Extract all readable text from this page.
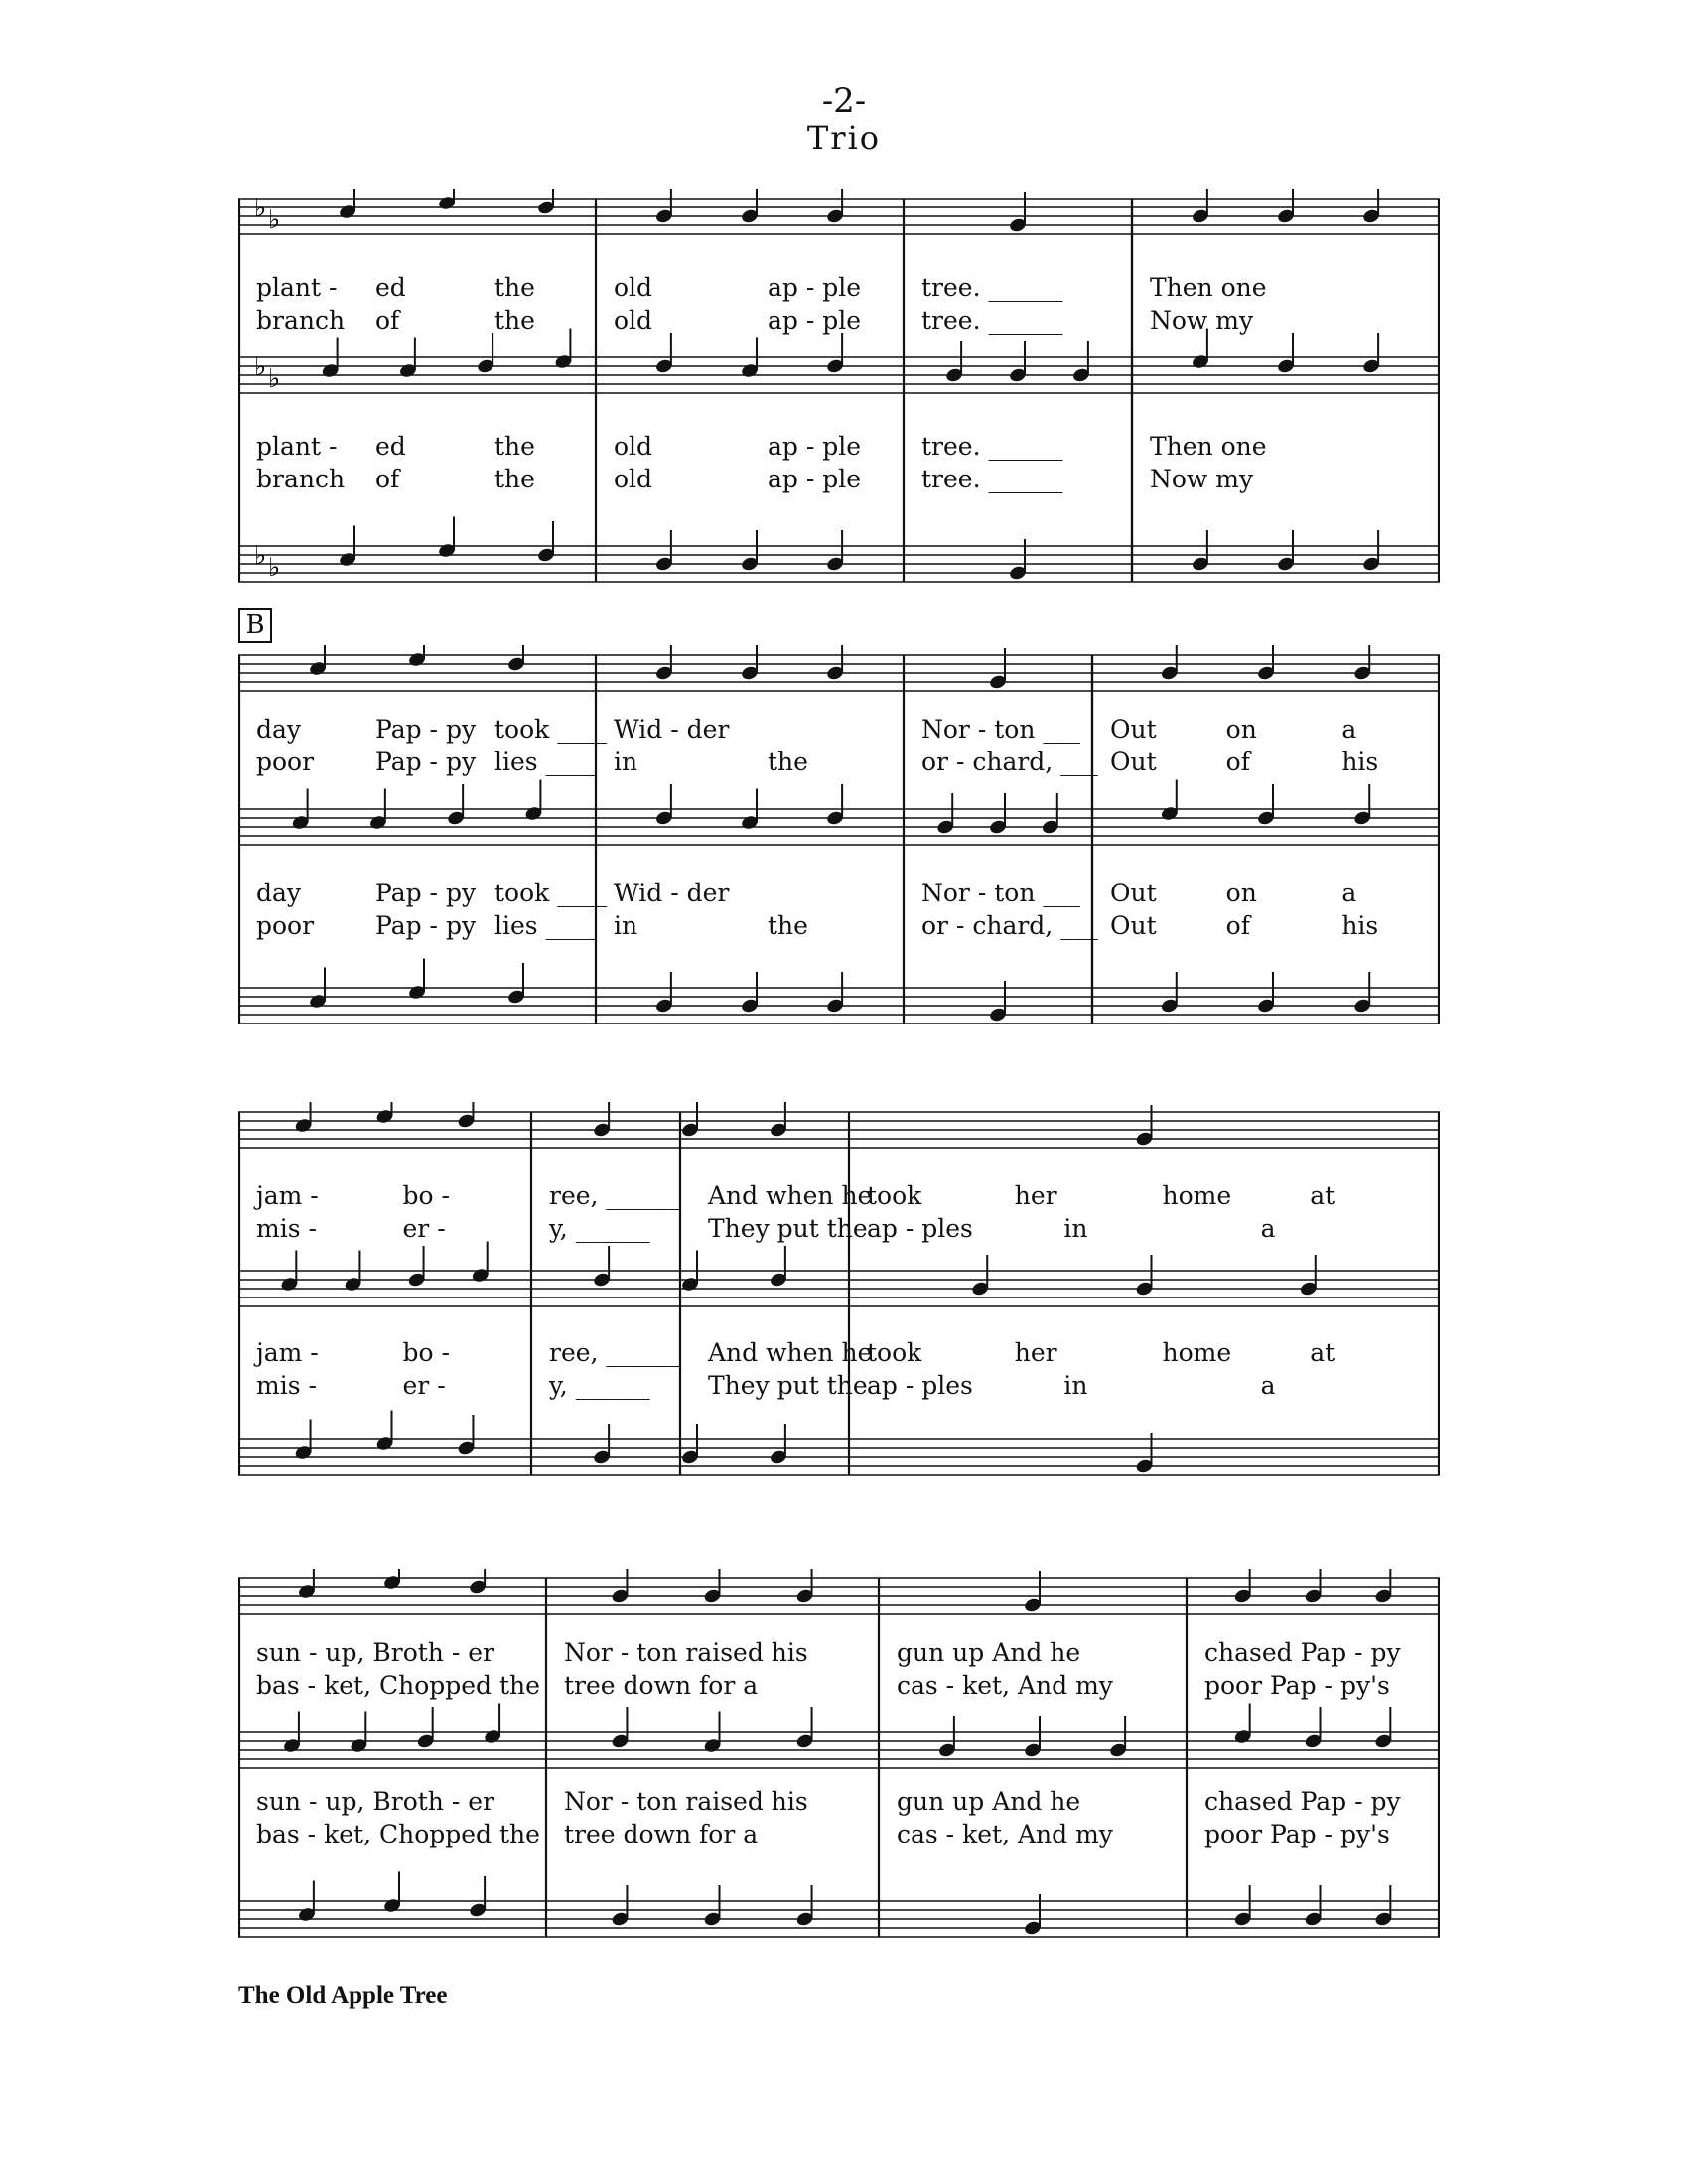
-2-
Trio
B
♭ ♭
♭ ♭
♭ ♭
plant - ed	the
branch of	the
plant - ed	the
branch of	the
old	ap - ple
old	ap - ple
old	ap - ple
old	ap - ple
tree. ______
tree. ______
tree. ______
tree. ______
Then one
Now my
Then one
Now my
day	Pap - py took ____
poor Pap - py lies ____
day	Pap - py took ____
poor Pap - py lies ____
Wid - der
in	the
Wid - der
in	the
Nor - ton ___
or - chard, ___
Nor - ton ___
or - chard, ___
Out	on	a
Out	of	his
Out	on	a
Out	of	his
jam -	bo -
mis -	er -
jam -	bo -
mis -	er -
ree, ______ And when he
y, ______ They put the
ree, ______ And when he
y, ______ They put the
took	her	home	at
ap - ples	in	a
took	her	home	at
ap - ples	in	a
sun - up, Broth - er
bas - ket, Chopped the
sun - up, Broth - er
bas - ket, Chopped the
Nor - ton raised his
tree down for a
Nor - ton raised his
tree down for a
gun up And he
cas - ket, And my
gun up And he
cas - ket, And my
chased Pap - py
poor Pap - py's
chased Pap - py
poor Pap - py's
The Old Apple Tree
